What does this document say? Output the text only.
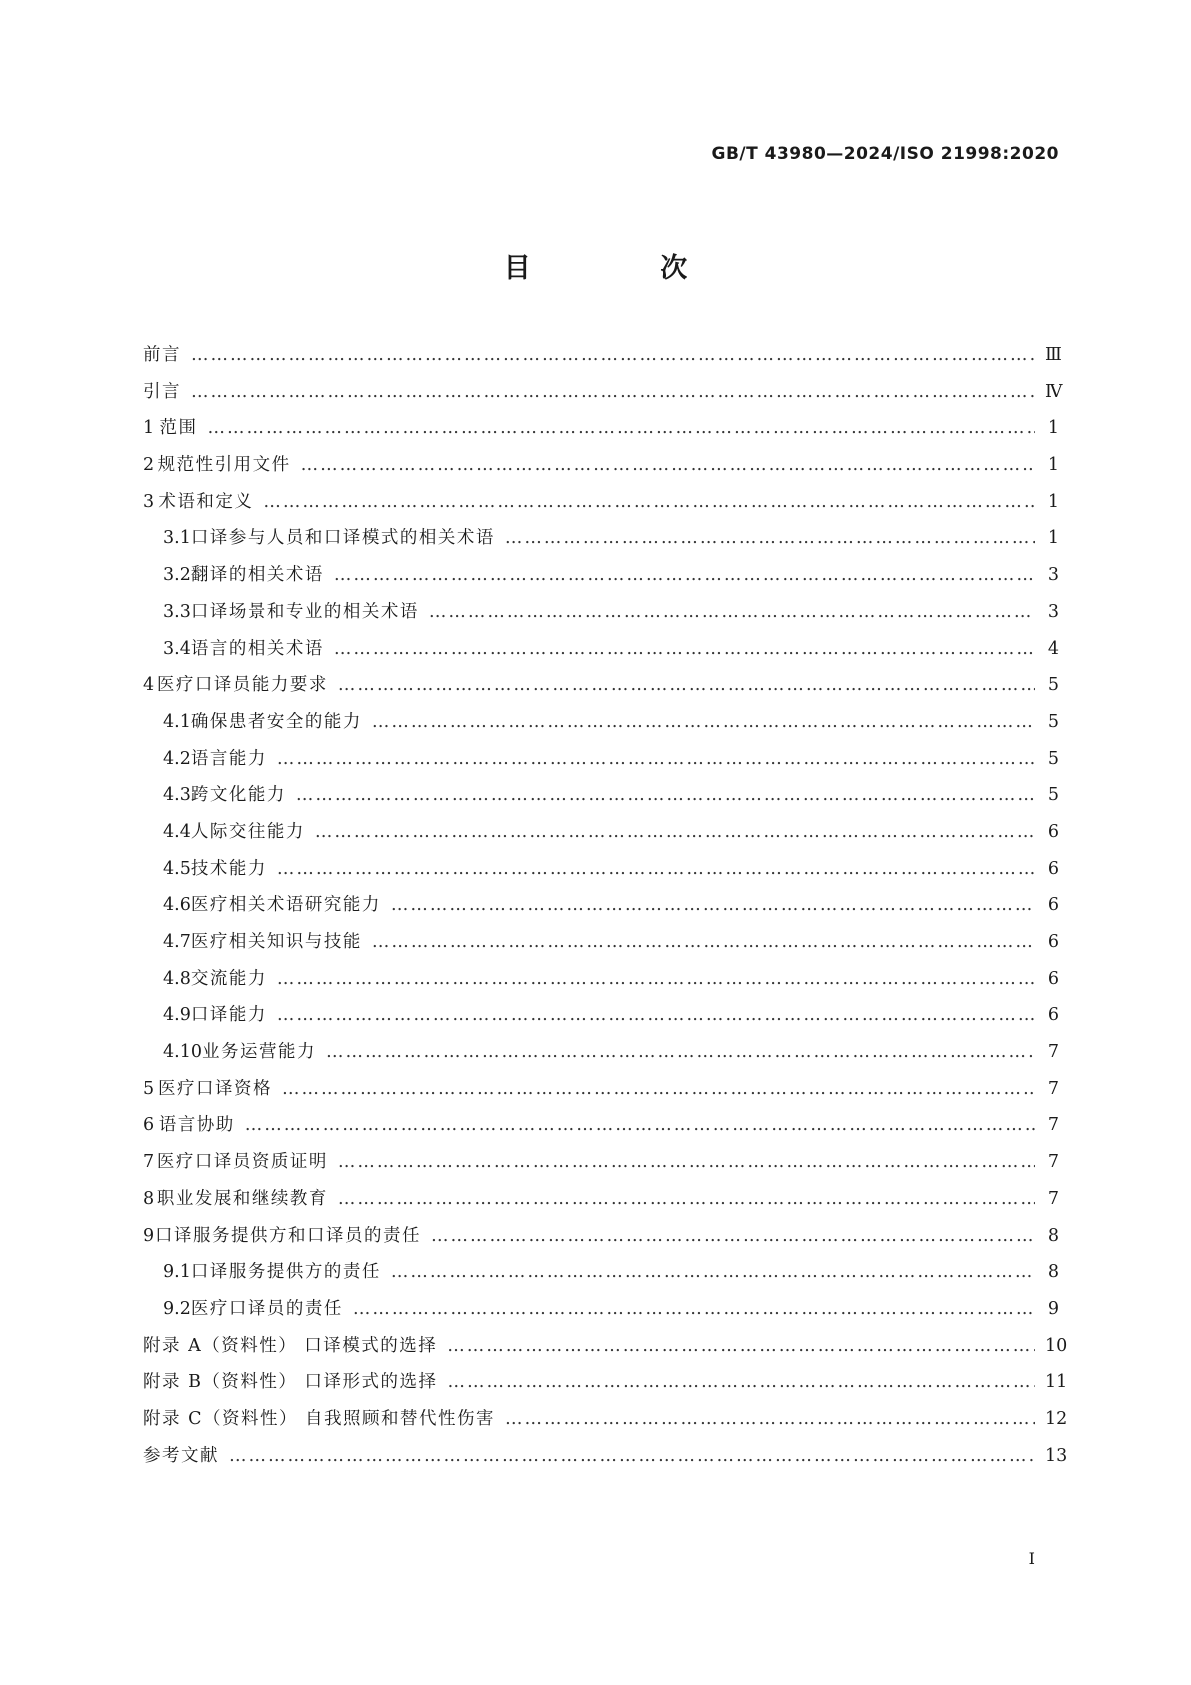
GB/T 43980—2024/ISO 21998:2020
目 次
前言 ………………………………………………………………………………………………………………………………………………………………………………………………	Ⅲ
引言 ………………………………………………………………………………………………………………………………………………………………………………………………	Ⅳ
1 范围 ………………………………………………………………………………………………………………………………………………………………………………………………	1
2 规范性引用文件 ………………………………………………………………………………………………………………………………………………………………………………………………	1
3 术语和定义 ………………………………………………………………………………………………………………………………………………………………………………………………	1
3.1 口译参与人员和口译模式的相关术语 ………………………………………………………………………………………………………………………………………………………………………………………………	1
3.2 翻译的相关术语 ………………………………………………………………………………………………………………………………………………………………………………………………	3
3.3 口译场景和专业的相关术语 ………………………………………………………………………………………………………………………………………………………………………………………………	3
3.4 语言的相关术语 ………………………………………………………………………………………………………………………………………………………………………………………………	4
4 医疗口译员能力要求 ………………………………………………………………………………………………………………………………………………………………………………………………	5
4.1 确保患者安全的能力 ………………………………………………………………………………………………………………………………………………………………………………………………	5
4.2 语言能力 ………………………………………………………………………………………………………………………………………………………………………………………………	5
4.3 跨文化能力 ………………………………………………………………………………………………………………………………………………………………………………………………	5
4.4 人际交往能力 ………………………………………………………………………………………………………………………………………………………………………………………………	6
4.5 技术能力 ………………………………………………………………………………………………………………………………………………………………………………………………	6
4.6 医疗相关术语研究能力 ………………………………………………………………………………………………………………………………………………………………………………………………	6
4.7 医疗相关知识与技能 ………………………………………………………………………………………………………………………………………………………………………………………………	6
4.8 交流能力 ………………………………………………………………………………………………………………………………………………………………………………………………	6
4.9 口译能力 ………………………………………………………………………………………………………………………………………………………………………………………………	6
4.10 业务运营能力 ………………………………………………………………………………………………………………………………………………………………………………………………	7
5 医疗口译资格 ………………………………………………………………………………………………………………………………………………………………………………………………	7
6 语言协助 ………………………………………………………………………………………………………………………………………………………………………………………………	7
7 医疗口译员资质证明 ………………………………………………………………………………………………………………………………………………………………………………………………	7
8 职业发展和继续教育 ………………………………………………………………………………………………………………………………………………………………………………………………	7
9 口译服务提供方和口译员的责任 ………………………………………………………………………………………………………………………………………………………………………………………………	8
9.1 口译服务提供方的责任 ………………………………………………………………………………………………………………………………………………………………………………………………	8
9.2 医疗口译员的责任 ………………………………………………………………………………………………………………………………………………………………………………………………	9
附录 A（资料性） 口译模式的选择 ………………………………………………………………………………………………………………………………………………………………………………………………	10
附录 B（资料性） 口译形式的选择 ………………………………………………………………………………………………………………………………………………………………………………………………	11
附录 C（资料性） 自我照顾和替代性伤害 ………………………………………………………………………………………………………………………………………………………………………………………………	12
参考文献 ………………………………………………………………………………………………………………………………………………………………………………………………	13
Ⅰ
